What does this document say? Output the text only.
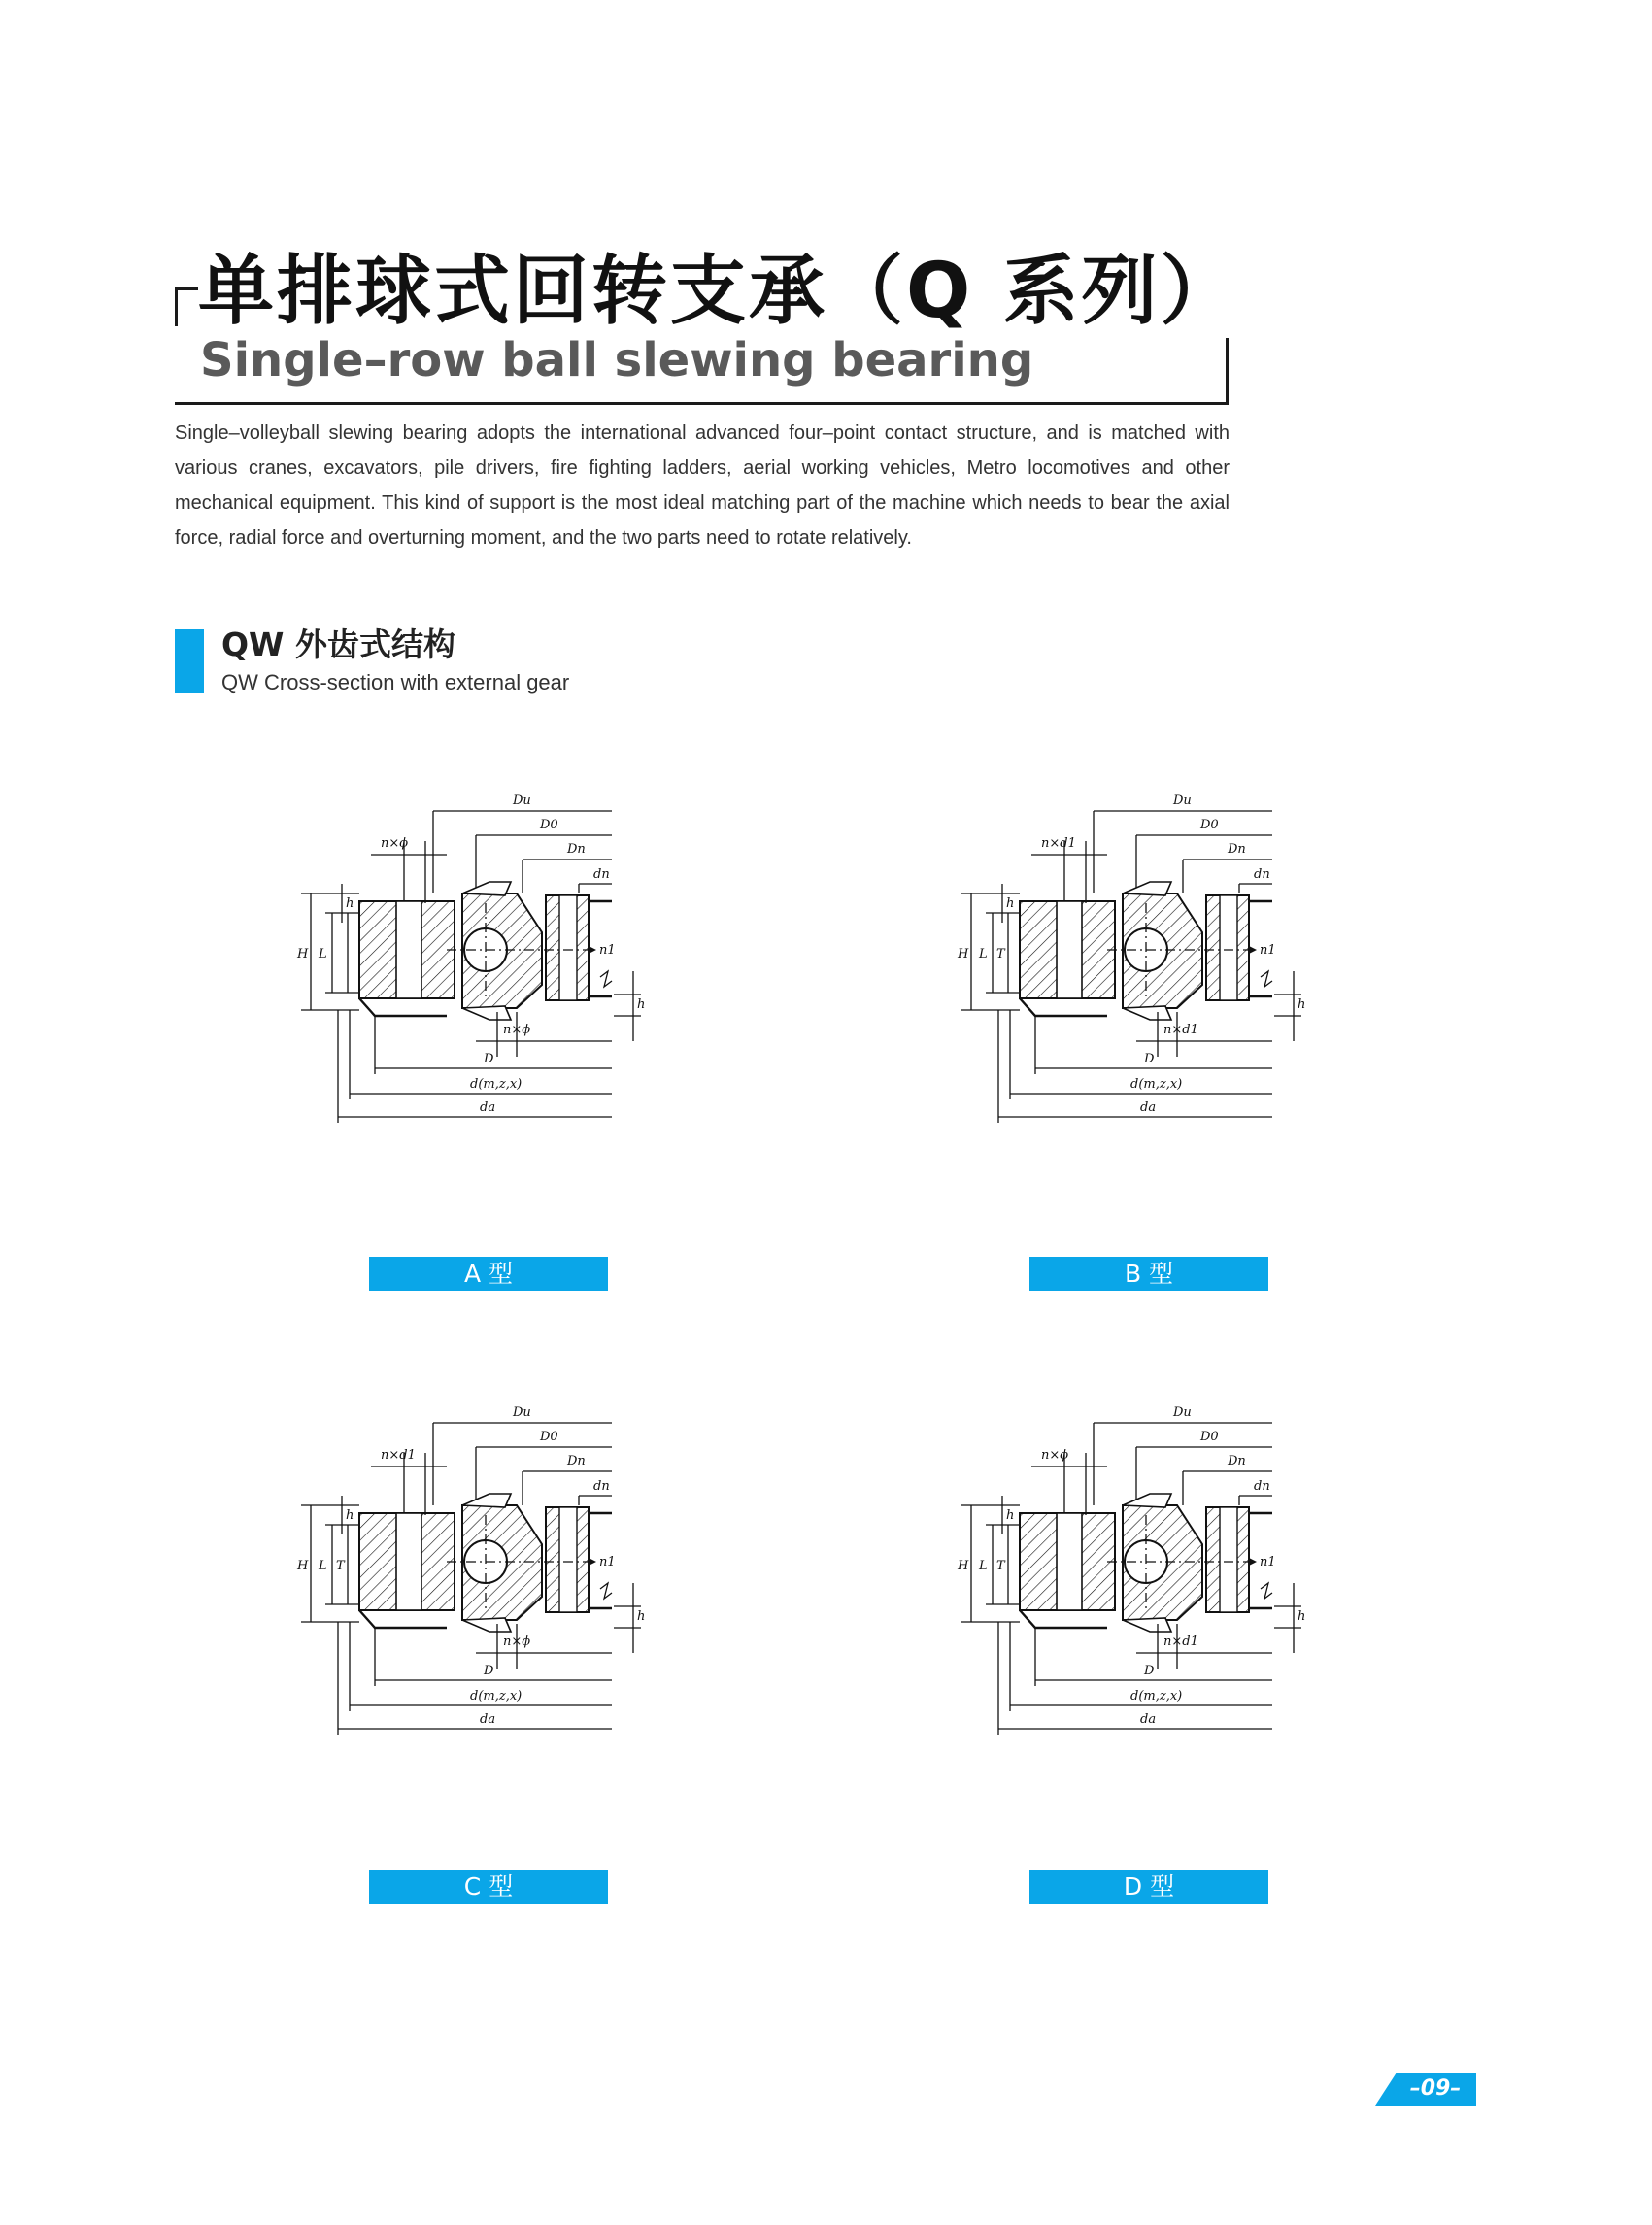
单排球式回转支承（Q 系列）
Single–row ball slewing bearing

Single–volleyball slewing bearing adopts the international advanced four–point contact structure, and is matched with various cranes, excavators, pile drivers, fire fighting ladders, aerial working vehicles, Metro locomotives and other mechanical equipment. This kind of support is the most ideal matching part of the machine which needs to bear the axial force, radial force and overturning moment, and the two parts need to rotate relatively.

QW 外齿式结构
QW Cross-section with external gear
Du
D0
Dn
dn
n×ϕ
H L
h
n1
h
n×ϕ
D
d(m,z,x)
da
Du
D0
Dn
dn
n×d1
H L T
h
n1
h
n×d1
D
d(m,z,x)
da
Du
D0
Dn
dn
n×d1
H L T
h
n1
h
n×ϕ
D
d(m,z,x)
da
Du
D0
Dn
dn
n×ϕ
H L T
h
n1
h
n×d1
D
d(m,z,x)
da
A 型	B 型
C 型	D 型
–09–
